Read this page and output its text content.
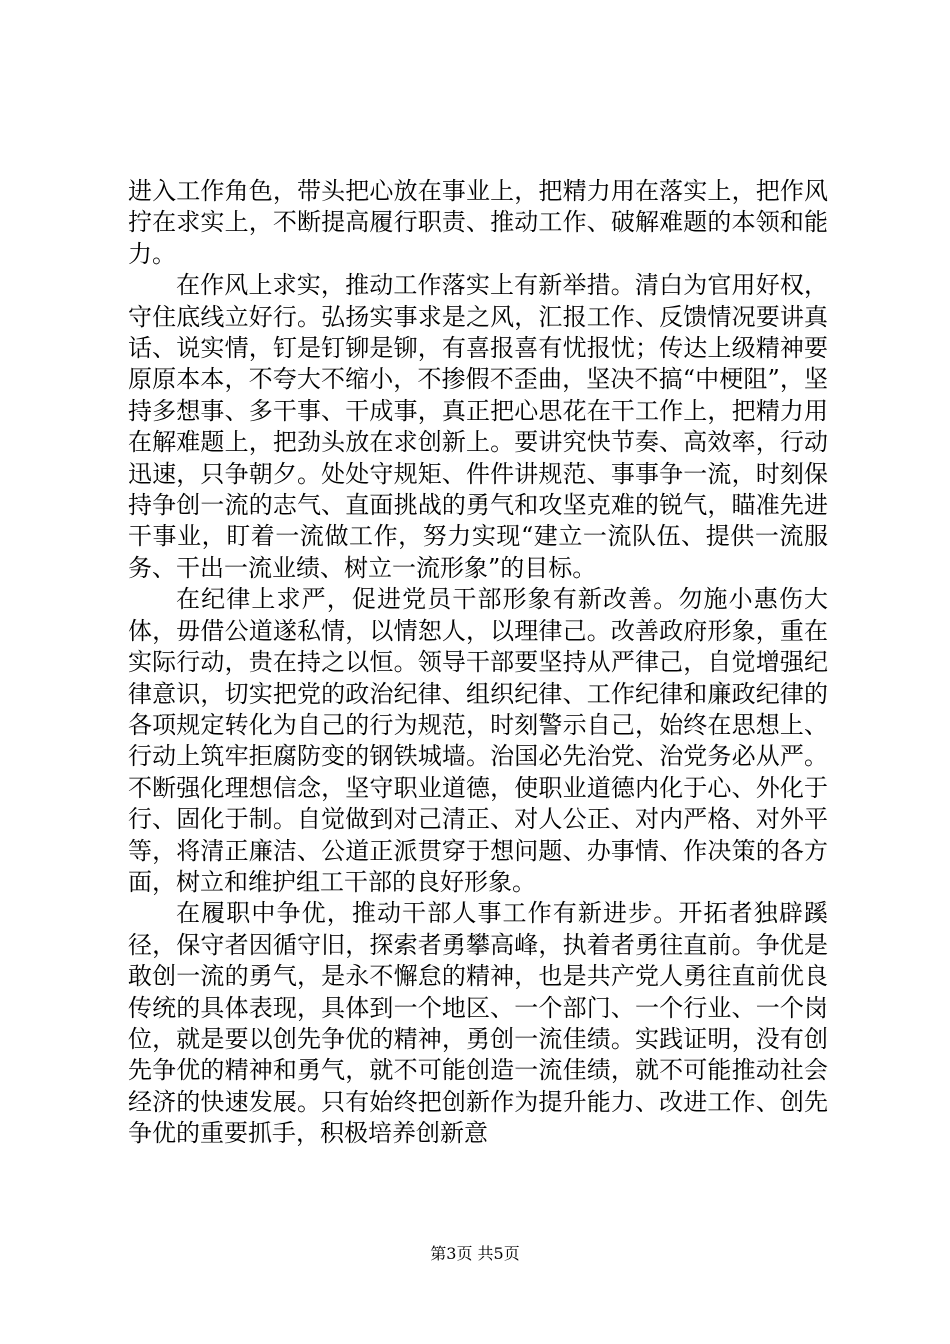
进入工作角色，带头把心放在事业上，把精力用在落实上，把作风拧在求实上，不断提高履行职责、推动工作、破解难题的本领和能力。

在作风上求实，推动工作落实上有新举措。清白为官用好权，守住底线立好行。弘扬实事求是之风，汇报工作、反馈情况要讲真话、说实情，钉是钉铆是铆，有喜报喜有忧报忧；传达上级精神要原原本本，不夸大不缩小，不掺假不歪曲，坚决不搞“中梗阻”，坚持多想事、多干事、干成事，真正把心思花在干工作上，把精力用在解难题上，把劲头放在求创新上。要讲究快节奏、高效率，行动迅速，只争朝夕。处处守规矩、件件讲规范、事事争一流，时刻保持争创一流的志气、直面挑战的勇气和攻坚克难的锐气，瞄准先进干事业，盯着一流做工作，努力实现“建立一流队伍、提供一流服务、干出一流业绩、树立一流形象”的目标。

在纪律上求严，促进党员干部形象有新改善。勿施小惠伤大体，毋借公道遂私情，以情恕人，以理律己。改善政府形象，重在实际行动，贵在持之以恒。领导干部要坚持从严律己，自觉增强纪律意识，切实把党的政治纪律、组织纪律、工作纪律和廉政纪律的各项规定转化为自己的行为规范，时刻警示自己，始终在思想上、行动上筑牢拒腐防变的钢铁城墙。治国必先治党、治党务必从严。不断强化理想信念，坚守职业道德，使职业道德内化于心、外化于行、固化于制。自觉做到对己清正、对人公正、对内严格、对外平等，将清正廉洁、公道正派贯穿于想问题、办事情、作决策的各方面，树立和维护组工干部的良好形象。

在履职中争优，推动干部人事工作有新进步。开拓者独辟蹊径，保守者因循守旧，探索者勇攀高峰，执着者勇往直前。争优是敢创一流的勇气，是永不懈怠的精神，也是共产党人勇往直前优良传统的具体表现，具体到一个地区、一个部门、一个行业、一个岗位，就是要以创先争优的精神，勇创一流佳绩。实践证明，没有创先争优的精神和勇气，就不可能创造一流佳绩，就不可能推动社会经济的快速发展。只有始终把创新作为提升能力、改进工作、创先争优的重要抓手，积极培养创新意

第3页 共5页
